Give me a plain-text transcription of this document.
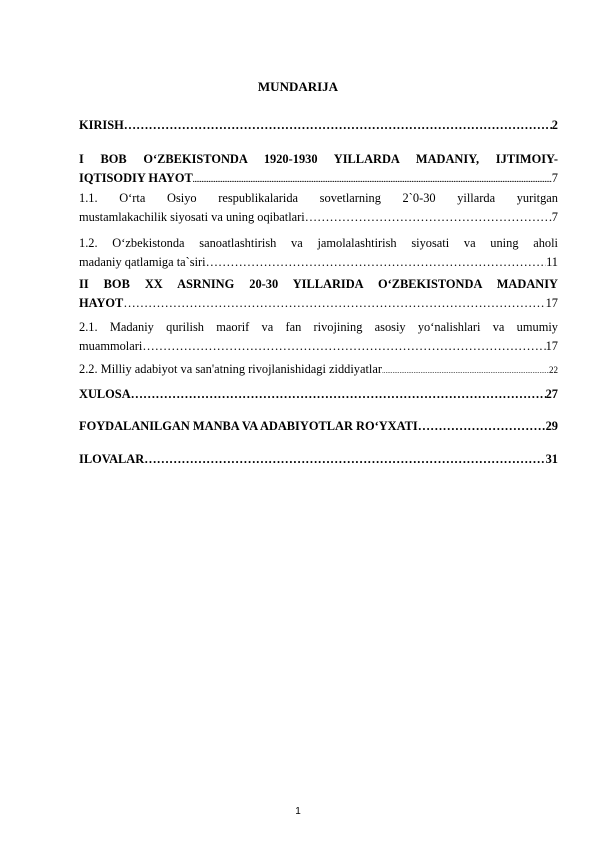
MUNDARIJA
KIRISH ……………………………………………………………………………………………………………………………………………………………………	2
I BOB O‘ZBEKISTONDA 1920-1930 YILLARDA MADANIY, IJTIMOIY-
IQTISODIY HAYOT .....	7
1.1. O‘rta Osiyo respublikalarida sovetlarning 2`0-30 yillarda yuritgan
mustamlakachilik siyosati va uning oqibatlari ……………………………………………………………………………………………………………………………………………………………………	7
1.2. O‘zbekistonda sanoatlashtirish va jamolalashtirish siyosati va uning aholi
madaniy qatlamiga ta`siri ……………………………………………………………………………………………………………………………………………………………………	11
II BOB XX ASRNING 20-30 YILLARIDA O‘ZBEKISTONDA MADANIY
HAYOT ……………………………………………………………………………………………………………………………………………………………………	17
2.1. Madaniy qurilish maorif va fan rivojining asosiy yo‘nalishlari va umumiy
muammolari ……………………………………………………………………………………………………………………………………………………………………	17
2.2. Milliy adabiyot va san'atning rivojlanishidagi ziddiyatlar .....	22
XULOSA ……………………………………………………………………………………………………………………………………………………………………	27
FOYDALANILGAN MANBA VA ADABIYOTLAR RO‘YXATI ……………………………………………………………………………………………………………………………………………………………………	29
ILOVALAR ……………………………………………………………………………………………………………………………………………………………………	31
1
